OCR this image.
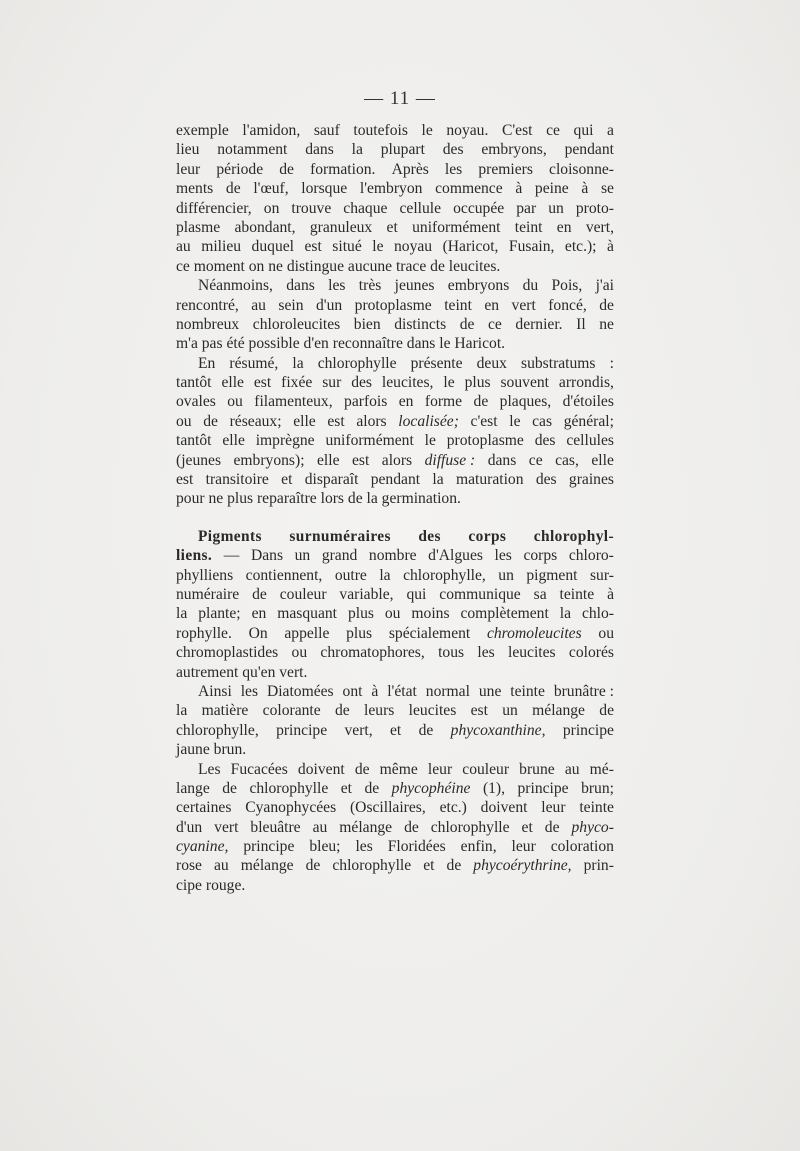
— 11 —
exemple l'amidon, sauf toutefois le noyau. C'est ce qui a
lieu notamment dans la plupart des embryons, pendant
leur période de formation. Après les premiers cloisonne-
ments de l'œuf, lorsque l'embryon commence à peine à se
différencier, on trouve chaque cellule occupée par un proto-
plasme abondant, granuleux et uniformément teint en vert,
au milieu duquel est situé le noyau (Haricot, Fusain, etc.); à
ce moment on ne distingue aucune trace de leucites.
Néanmoins, dans les très jeunes embryons du Pois, j'ai
rencontré, au sein d'un protoplasme teint en vert foncé, de
nombreux chloroleucites bien distincts de ce dernier. Il ne
m'a pas été possible d'en reconnaître dans le Haricot.
En résumé, la chlorophylle présente deux substratums :
tantôt elle est fixée sur des leucites, le plus souvent arrondis,
ovales ou filamenteux, parfois en forme de plaques, d'étoiles
ou de réseaux; elle est alors localisée; c'est le cas général;
tantôt elle imprègne uniformément le protoplasme des cellules
(jeunes embryons); elle est alors diffuse : dans ce cas, elle
est transitoire et disparaît pendant la maturation des graines
pour ne plus reparaître lors de la germination.
Pigments surnuméraires des corps chlorophyl-
liens. — Dans un grand nombre d'Algues les corps chloro-
phylliens contiennent, outre la chlorophylle, un pigment sur-
numéraire de couleur variable, qui communique sa teinte à
la plante; en masquant plus ou moins complètement la chlo-
rophylle. On appelle plus spécialement chromoleucites ou
chromoplastides ou chromatophores, tous les leucites colorés
autrement qu'en vert.
Ainsi les Diatomées ont à l'état normal une teinte brunâtre :
la matière colorante de leurs leucites est un mélange de
chlorophylle, principe vert, et de phycoxanthine, principe
jaune brun.
Les Fucacées doivent de même leur couleur brune au mé-
lange de chlorophylle et de phycophéine (1), principe brun;
certaines Cyanophycées (Oscillaires, etc.) doivent leur teinte
d'un vert bleuâtre au mélange de chlorophylle et de phyco-
cyanine, principe bleu; les Floridées enfin, leur coloration
rose au mélange de chlorophylle et de phycoérythrine, prin-
cipe rouge.
